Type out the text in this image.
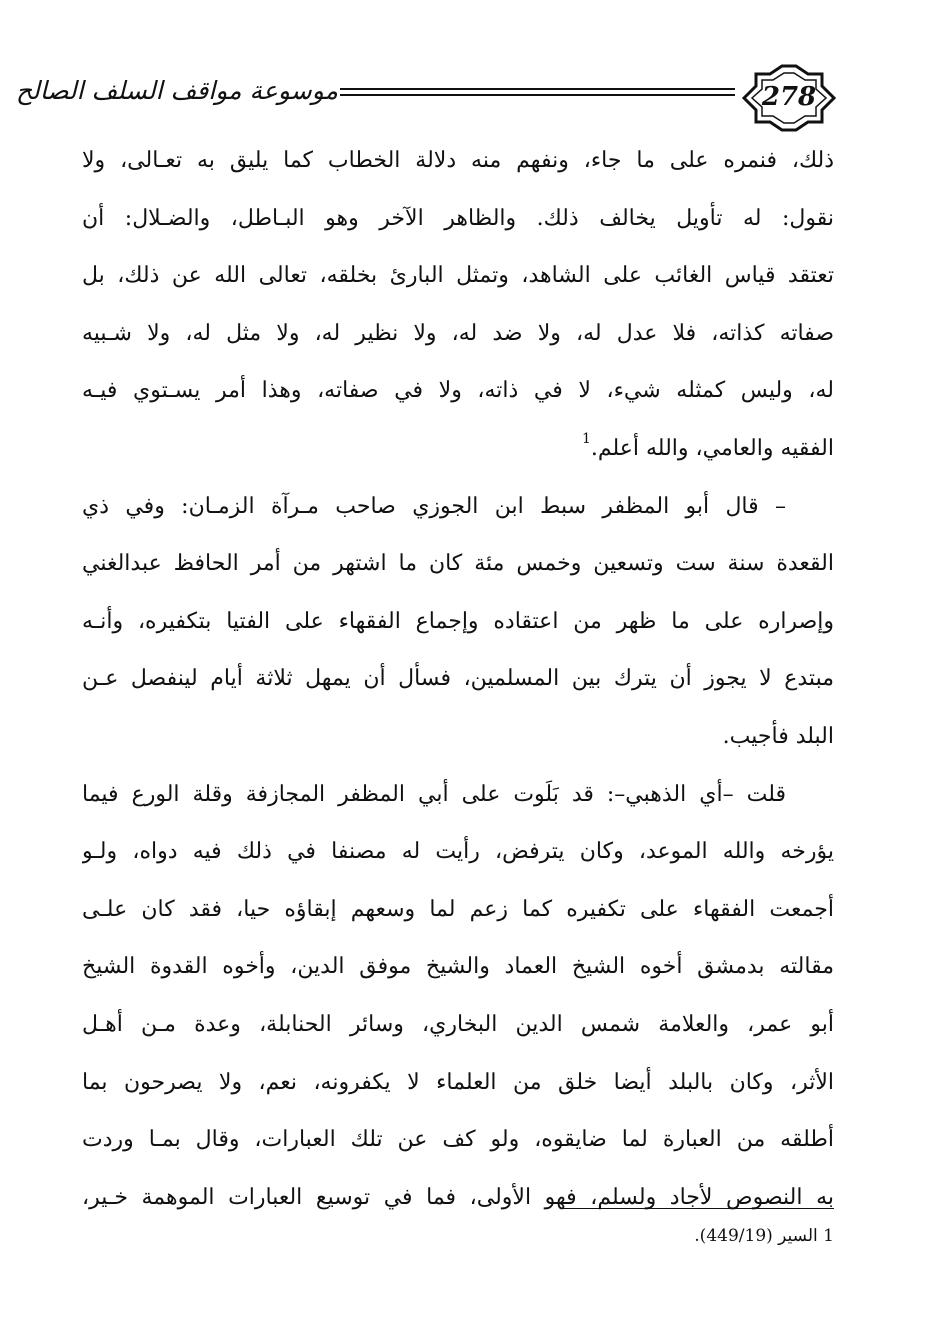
موسوعة مواقف السلف الصالح	278
ذلك، فنمره على ما جاء، ونفهم منه دلالة الخطاب كما يليق به تعـالى، ولا
نقول: له تأويل يخالف ذلك. والظاهر الآخر وهو البـاطل، والضـلال: أن
تعتقد قياس الغائب على الشاهد، وتمثل البارئ بخلقه، تعالى الله عن ذلك، بل
صفاته كذاته، فلا عدل له، ولا ضد له، ولا نظير له، ولا مثل له، ولا شـبيه
له، وليس كمثله شيء، لا في ذاته، ولا في صفاته، وهذا أمر يسـتوي فيـه
الفقيه والعامي، والله أعلم.$^1$
– قال أبو المظفر سبط ابن الجوزي صاحب مـرآة الزمـان: وفي ذي
القعدة سنة ست وتسعين وخمس مئة كان ما اشتهر من أمر الحافظ عبدالغني
وإصراره على ما ظهر من اعتقاده وإجماع الفقهاء على الفتيا بتكفيره، وأنـه
مبتدع لا يجوز أن يترك بين المسلمين، فسأل أن يمهل ثلاثة أيام لينفصل عـن
البلد فأجيب.
قلت –أي الذهبي–: قد بَلَوت على أبي المظفر المجازفة وقلة الورع فيما
يؤرخه والله الموعد، وكان يترفض، رأيت له مصنفا في ذلك فيه دواه، ولـو
أجمعت الفقهاء على تكفيره كما زعم لما وسعهم إبقاؤه حيا، فقد كان علـى
مقالته بدمشق أخوه الشيخ العماد والشيخ موفق الدين، وأخوه القدوة الشيخ
أبو عمر، والعلامة شمس الدين البخاري، وسائر الحنابلة، وعدة مـن أهـل
الأثر، وكان بالبلد أيضا خلق من العلماء لا يكفرونه، نعم، ولا يصرحون بما
أطلقه من العبارة لما ضايقوه، ولو كف عن تلك العبارات، وقال بمـا وردت
به النصوص لأجاد ولسلم، فهو الأولى، فما في توسيع العبارات الموهمة خـير،
1 السير (449/19).
